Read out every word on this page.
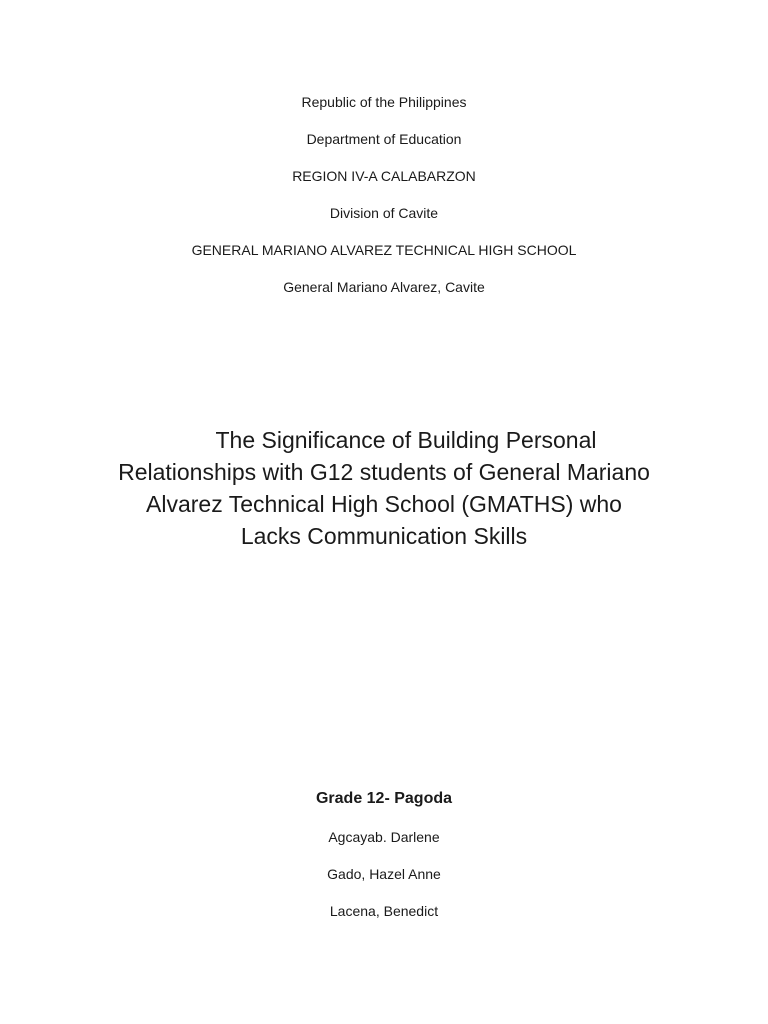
Republic of the Philippines
Department of Education
REGION IV-A CALABARZON
Division of Cavite
GENERAL MARIANO ALVAREZ TECHNICAL HIGH SCHOOL
General Mariano Alvarez, Cavite
The Significance of Building Personal
Relationships with G12 students of General Mariano
Alvarez Technical High School (GMATHS) who
Lacks Communication Skills
Grade 12- Pagoda
Agcayab. Darlene
Gado, Hazel Anne
Lacena, Benedict
